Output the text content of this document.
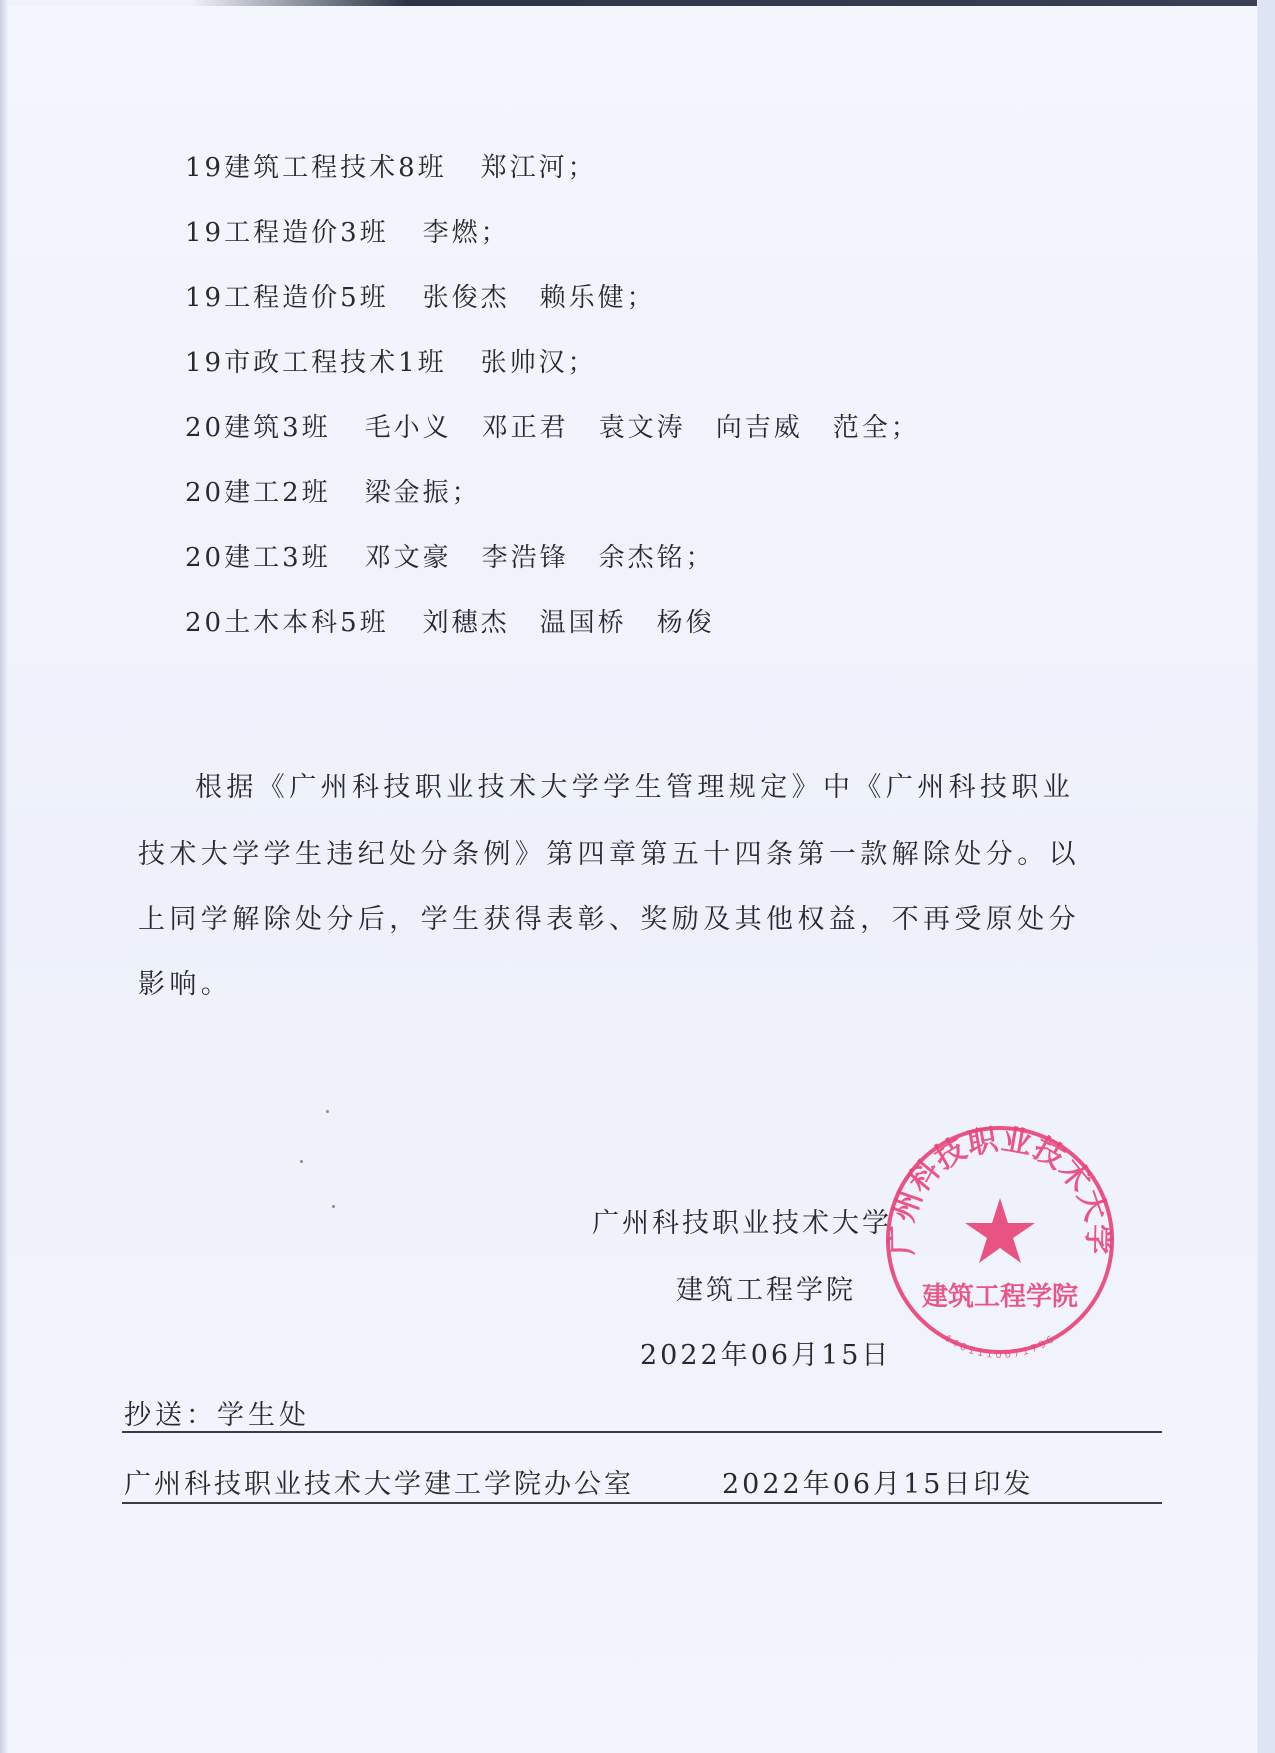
19建筑工程技术8班 郑江河；
19工程造价3班 李燃；
19工程造价5班 张俊杰 赖乐健；
19市政工程技术1班 张帅汉；
20建筑3班 毛小义 邓正君 袁文涛 向吉威 范全；
20建工2班 梁金振；
20建工3班 邓文豪 李浩锋 余杰铭；
20土木本科5班 刘穗杰 温国桥 杨俊
根据《广州科技职业技术大学学生管理规定》中《广州科技职业
技术大学学生违纪处分条例》第四章第五十四条第一款解除处分。以
上同学解除处分后，学生获得表彰、奖励及其他权益，不再受原处分
影响。
广州科技职业技术大学
建筑工程学院
2022年06月15日
广州科技职业技术大学
建筑工程学院
4401110671796
抄送：学生处
广州科技职业技术大学建工学院办公室	2022年06月15日印发
